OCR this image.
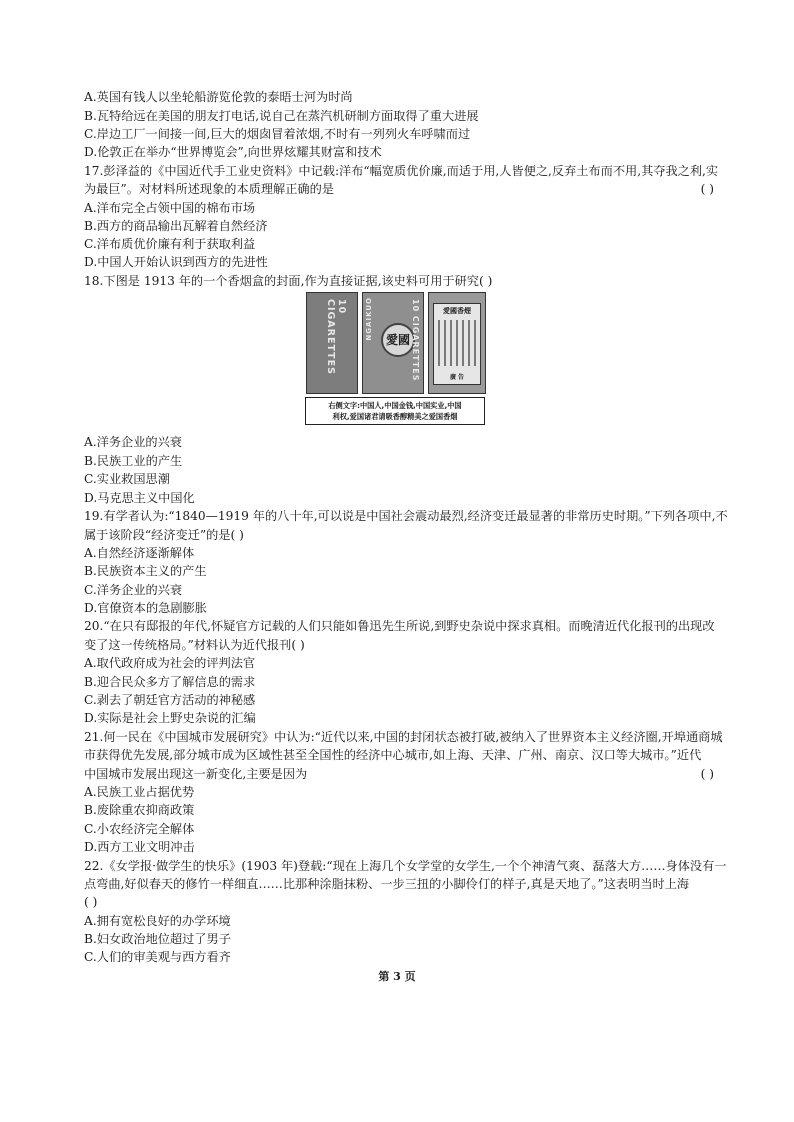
A.英国有钱人以坐轮船游览伦敦的泰晤士河为时尚
B.瓦特给远在美国的朋友打电话,说自己在蒸汽机研制方面取得了重大进展
C.岸边工厂一间接一间,巨大的烟囱冒着浓烟,不时有一列列火车呼啸而过
D.伦敦正在举办“世界博览会”,向世界炫耀其财富和技术
17.彭泽益的《中国近代手工业史资料》中记载:洋布“幅宽质优价廉,而适于用,人皆便之,反弃土布而不用,其夺我之利,实
为最巨”。对材料所述现象的本质理解正确的是	( )
A.洋布完全占领中国的棉布市场
B.西方的商品输出瓦解着自然经济
C.洋布质优价廉有利于获取利益
D.中国人开始认识到西方的先进性
18.下图是 1913 年的一个香烟盒的封面,作为直接证据,该史料可用于研究( )
10 CIGARETTES	NGAIKUO	愛國 10 CIGARETTES	愛國香煙
廣 告
右侧文字:中国人,中国金钱,中国实业,中国
利权,爱国诸君请吸香醇精美之爱国香烟
A.洋务企业的兴衰
B.民族工业的产生
C.实业救国思潮
D.马克思主义中国化
19.有学者认为:“1840—1919 年的八十年,可以说是中国社会震动最烈,经济变迁最显著的非常历史时期。”下列各项中,不
属于该阶段“经济变迁”的是( )
A.自然经济逐渐解体
B.民族资本主义的产生
C.洋务企业的兴衰
D.官僚资本的急剧膨胀
20.“在只有邸报的年代,怀疑官方记载的人们只能如鲁迅先生所说,到野史杂说中探求真相。而晚清近代化报刊的出现改
变了这一传统格局。”材料认为近代报刊( )
A.取代政府成为社会的评判法官
B.迎合民众多方了解信息的需求
C.剥去了朝廷官方活动的神秘感
D.实际是社会上野史杂说的汇编
21.何一民在《中国城市发展研究》中认为:“近代以来,中国的封闭状态被打破,被纳入了世界资本主义经济圈,开埠通商城
市获得优先发展,部分城市成为区域性甚至全国性的经济中心城市,如上海、天津、广州、南京、汉口等大城市。”近代
中国城市发展出现这一新变化,主要是因为	( )
A.民族工业占据优势
B.废除重农抑商政策
C.小农经济完全解体
D.西方工业文明冲击
22.《女学报·做学生的快乐》(1903 年)登载:“现在上海几个女学堂的女学生,一个个神清气爽、磊落大方……身体没有一
点弯曲,好似春天的修竹一样细直……比那种涂脂抹粉、一步三扭的小脚伶仃的样子,真是天地了。”这表明当时上海
( )
A.拥有宽松良好的办学环境
B.妇女政治地位超过了男子
C.人们的审美观与西方看齐
第 3 页
